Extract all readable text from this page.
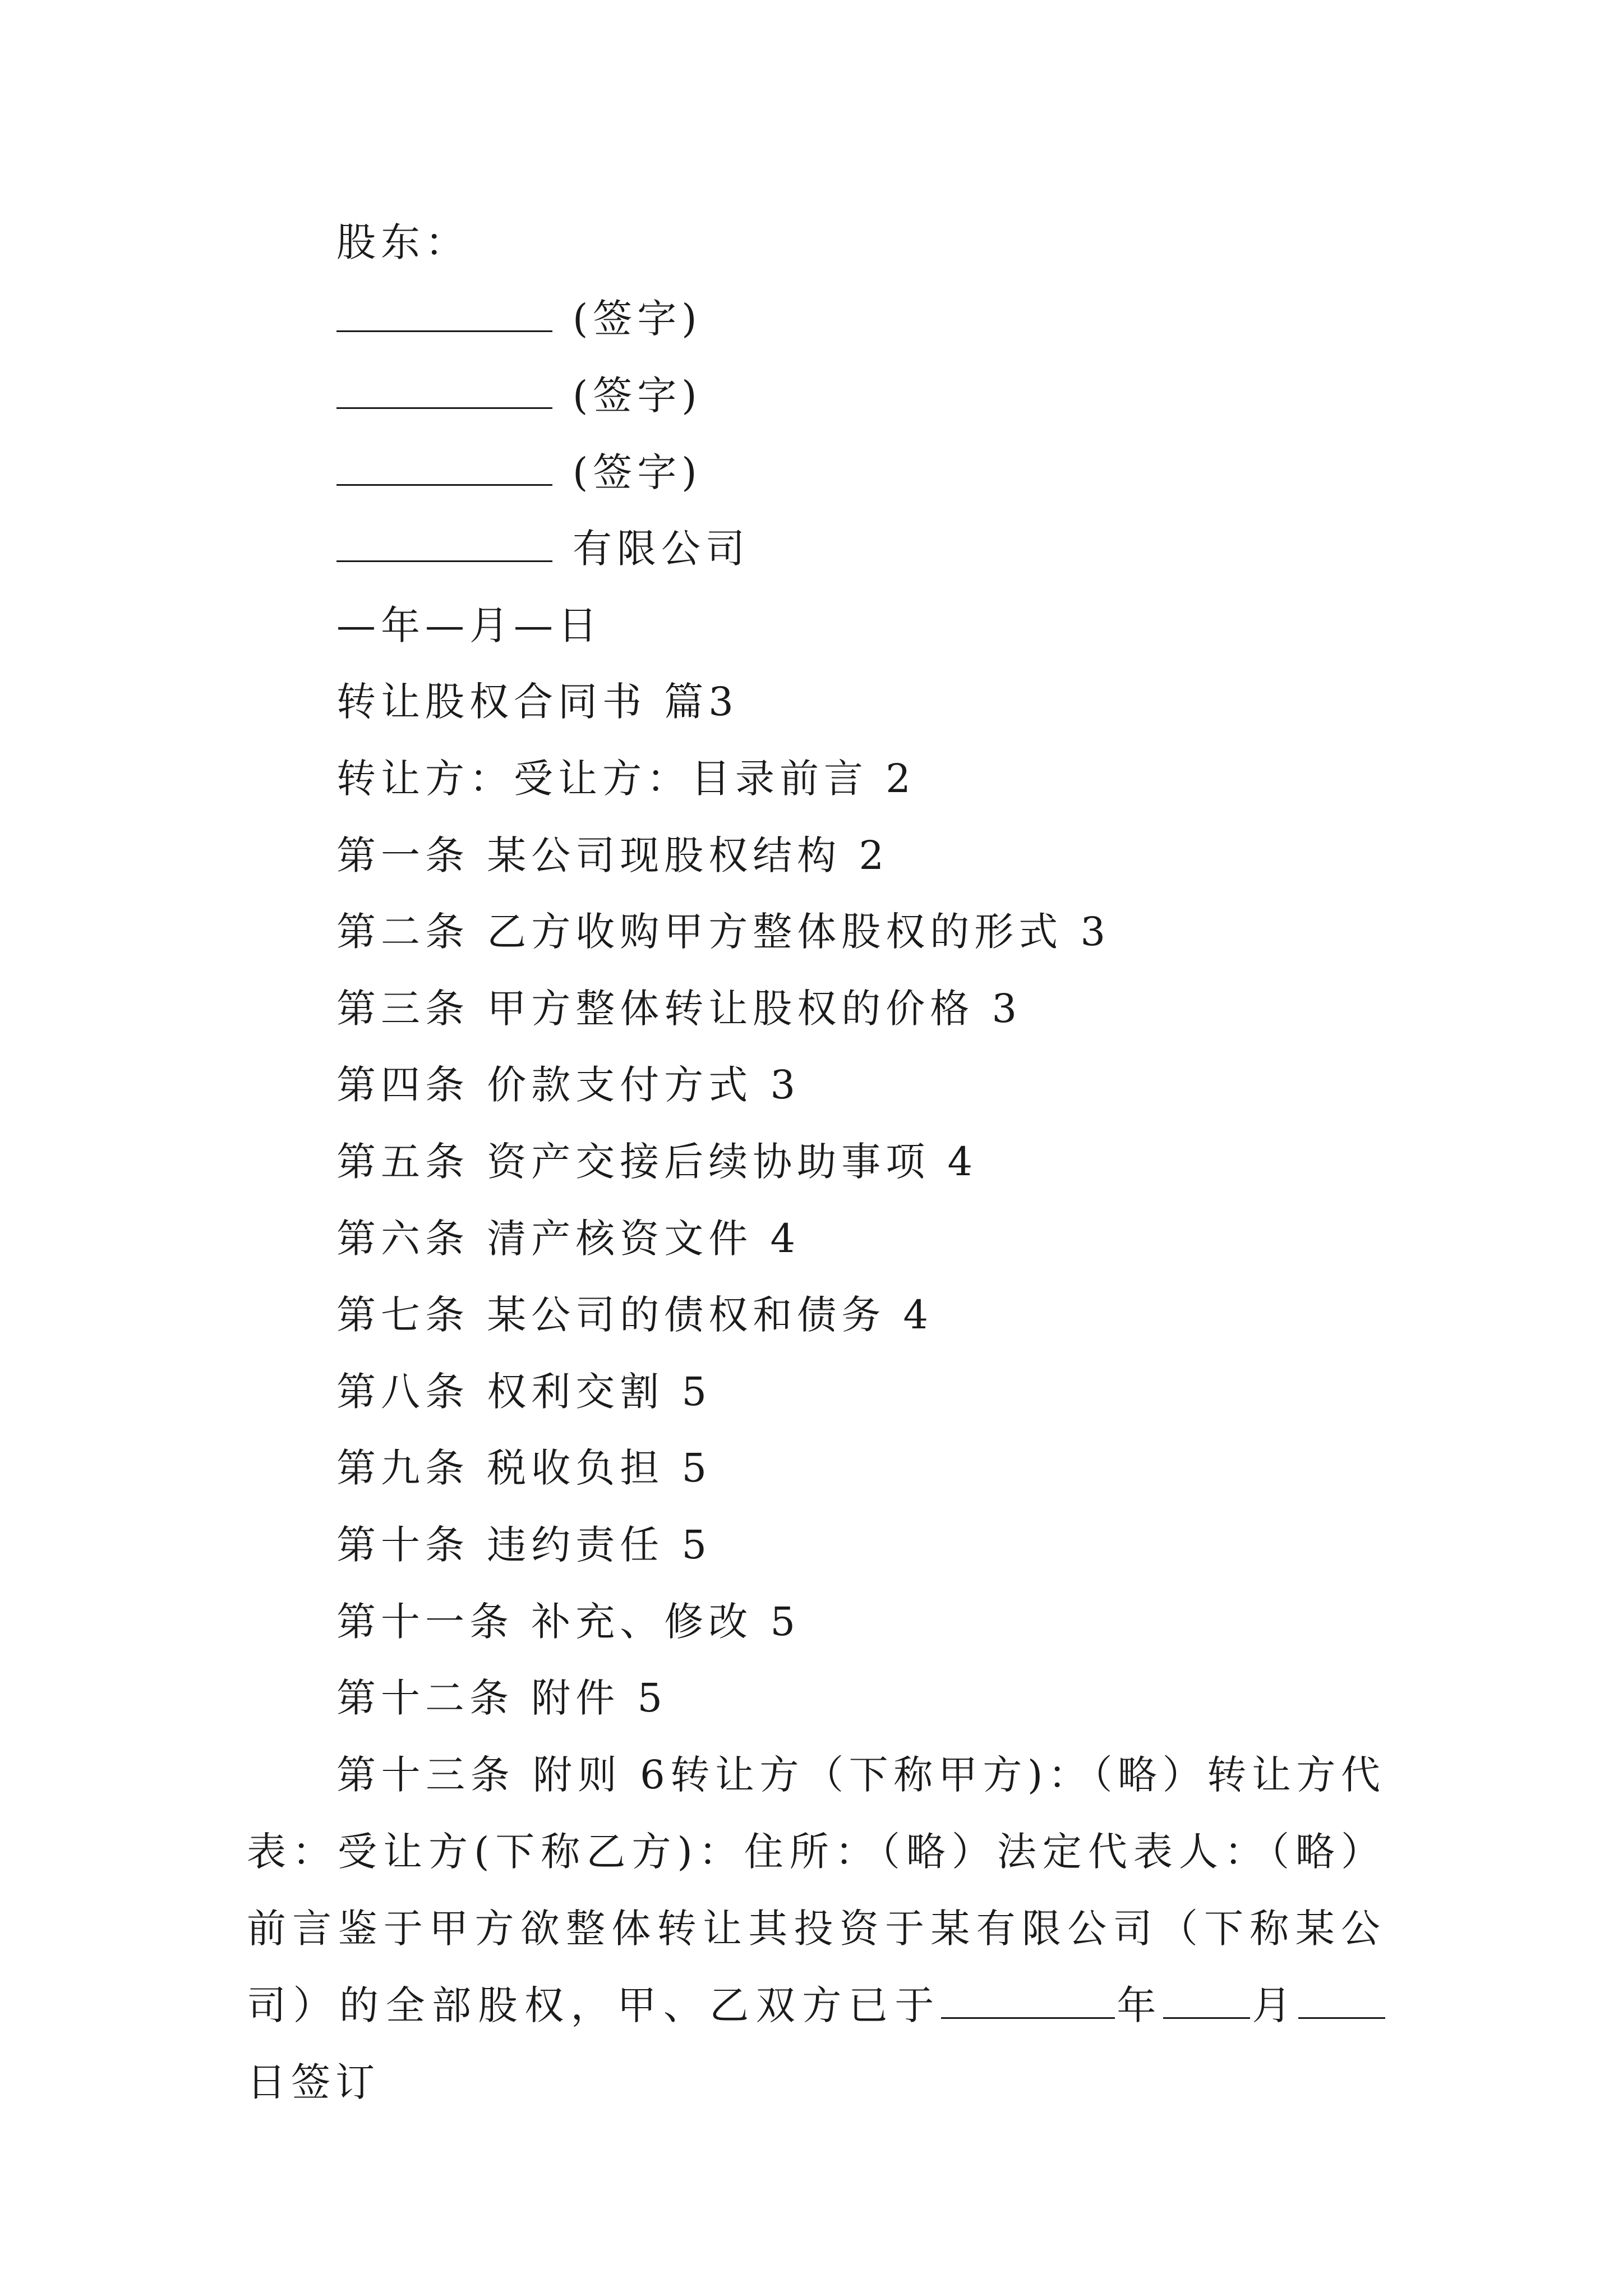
股东：
(签字)
(签字)
(签字)
有限公司
—年—月—日
转让股权合同书 篇3
转让方：受让方：目录前言 2
第一条 某公司现股权结构 2
第二条 乙方收购甲方整体股权的形式 3
第三条 甲方整体转让股权的价格 3
第四条 价款支付方式 3
第五条 资产交接后续协助事项 4
第六条 清产核资文件 4
第七条 某公司的债权和债务 4
第八条 权利交割 5
第九条 税收负担 5
第十条 违约责任 5
第十一条 补充、修改 5
第十二条 附件 5
第十三条 附则 6转让方（下称甲方)：（略）转让方代表：受让方(下称乙方)：住所：（略）法定代表人：（略）前言鉴于甲方欲整体转让其投资于某有限公司（下称某公司）的全部股权，甲、乙双方已于	年 月日签订
